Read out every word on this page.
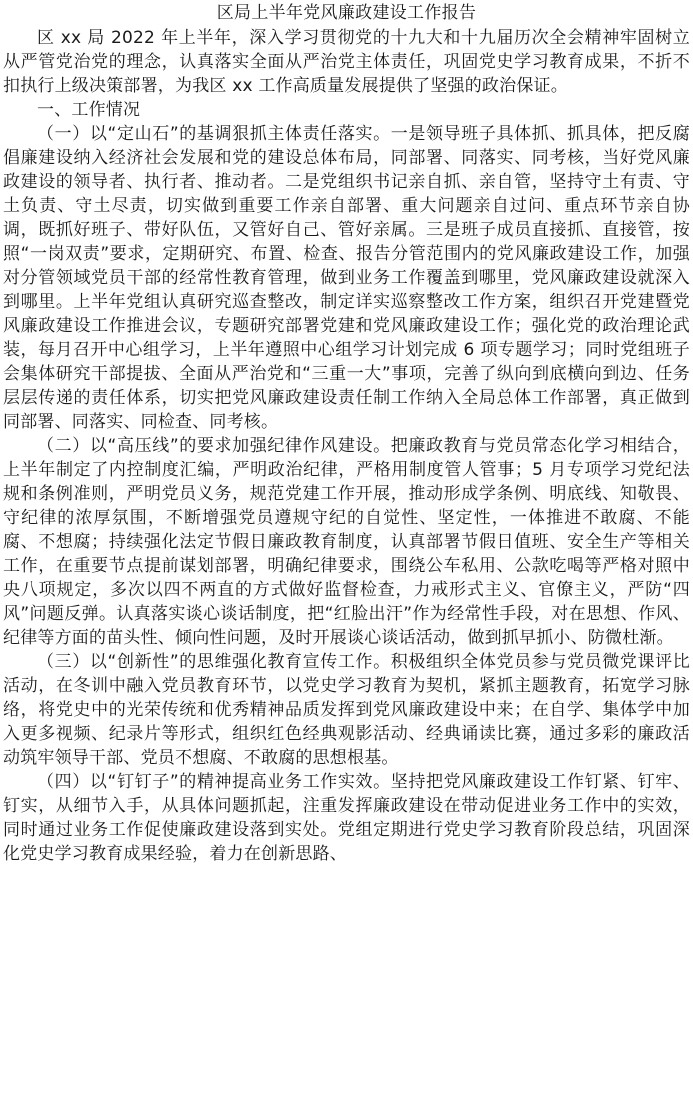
区局上半年党风廉政建设工作报告

区 xx 局 2022 年上半年，深入学习贯彻党的十九大和十九届历次全会精神牢固树立从严管党治党的理念，认真落实全面从严治党主体责任，巩固党史学习教育成果，不折不扣执行上级决策部署，为我区 xx 工作高质量发展提供了坚强的政治保证。

一、工作情况

（一）以“定山石”的基调狠抓主体责任落实。一是领导班子具体抓、抓具体，把反腐倡廉建设纳入经济社会发展和党的建设总体布局，同部署、同落实、同考核，当好党风廉政建设的领导者、执行者、推动者。二是党组织书记亲自抓、亲自管，坚持守土有责、守土负责、守土尽责，切实做到重要工作亲自部署、重大问题亲自过问、重点环节亲自协调，既抓好班子、带好队伍，又管好自己、管好亲属。三是班子成员直接抓、直接管，按照“一岗双责”要求，定期研究、布置、检查、报告分管范围内的党风廉政建设工作，加强对分管领域党员干部的经常性教育管理，做到业务工作覆盖到哪里，党风廉政建设就深入到哪里。上半年党组认真研究巡查整改，制定详实巡察整改工作方案，组织召开党建暨党风廉政建设工作推进会议，专题研究部署党建和党风廉政建设工作；强化党的政治理论武装，每月召开中心组学习，上半年遵照中心组学习计划完成 6 项专题学习；同时党组班子会集体研究干部提拔、全面从严治党和“三重一大”事项，完善了纵向到底横向到边、任务层层传递的责任体系，切实把党风廉政建设责任制工作纳入全局总体工作部署，真正做到同部署、同落实、同检查、同考核。

（二）以“高压线”的要求加强纪律作风建设。把廉政教育与党员常态化学习相结合，上半年制定了内控制度汇编，严明政治纪律，严格用制度管人管事；5 月专项学习党纪法规和条例准则，严明党员义务，规范党建工作开展，推动形成学条例、明底线、知敬畏、守纪律的浓厚氛围，不断增强党员遵规守纪的自觉性、坚定性，一体推进不敢腐、不能腐、不想腐；持续强化法定节假日廉政教育制度，认真部署节假日值班、安全生产等相关工作，在重要节点提前谋划部署，明确纪律要求，围绕公车私用、公款吃喝等严格对照中央八项规定，多次以四不两直的方式做好监督检查，力戒形式主义、官僚主义，严防“四风”问题反弹。认真落实谈心谈话制度，把“红脸出汗”作为经常性手段，对在思想、作风、纪律等方面的苗头性、倾向性问题，及时开展谈心谈话活动，做到抓早抓小、防微杜渐。

（三）以“创新性”的思维强化教育宣传工作。积极组织全体党员参与党员微党课评比活动，在冬训中融入党员教育环节，以党史学习教育为契机，紧抓主题教育，拓宽学习脉络，将党史中的光荣传统和优秀精神品质发挥到党风廉政建设中来；在自学、集体学中加入更多视频、纪录片等形式，组织红色经典观影活动、经典诵读比赛，通过多彩的廉政活动筑牢领导干部、党员不想腐、不敢腐的思想根基。

（四）以“钉钉子”的精神提高业务工作实效。坚持把党风廉政建设工作钉紧、钉牢、钉实，从细节入手，从具体问题抓起，注重发挥廉政建设在带动促进业务工作中的实效，同时通过业务工作促使廉政建设落到实处。党组定期进行党史学习教育阶段总结，巩固深化党史学习教育成果经验，着力在创新思路、
